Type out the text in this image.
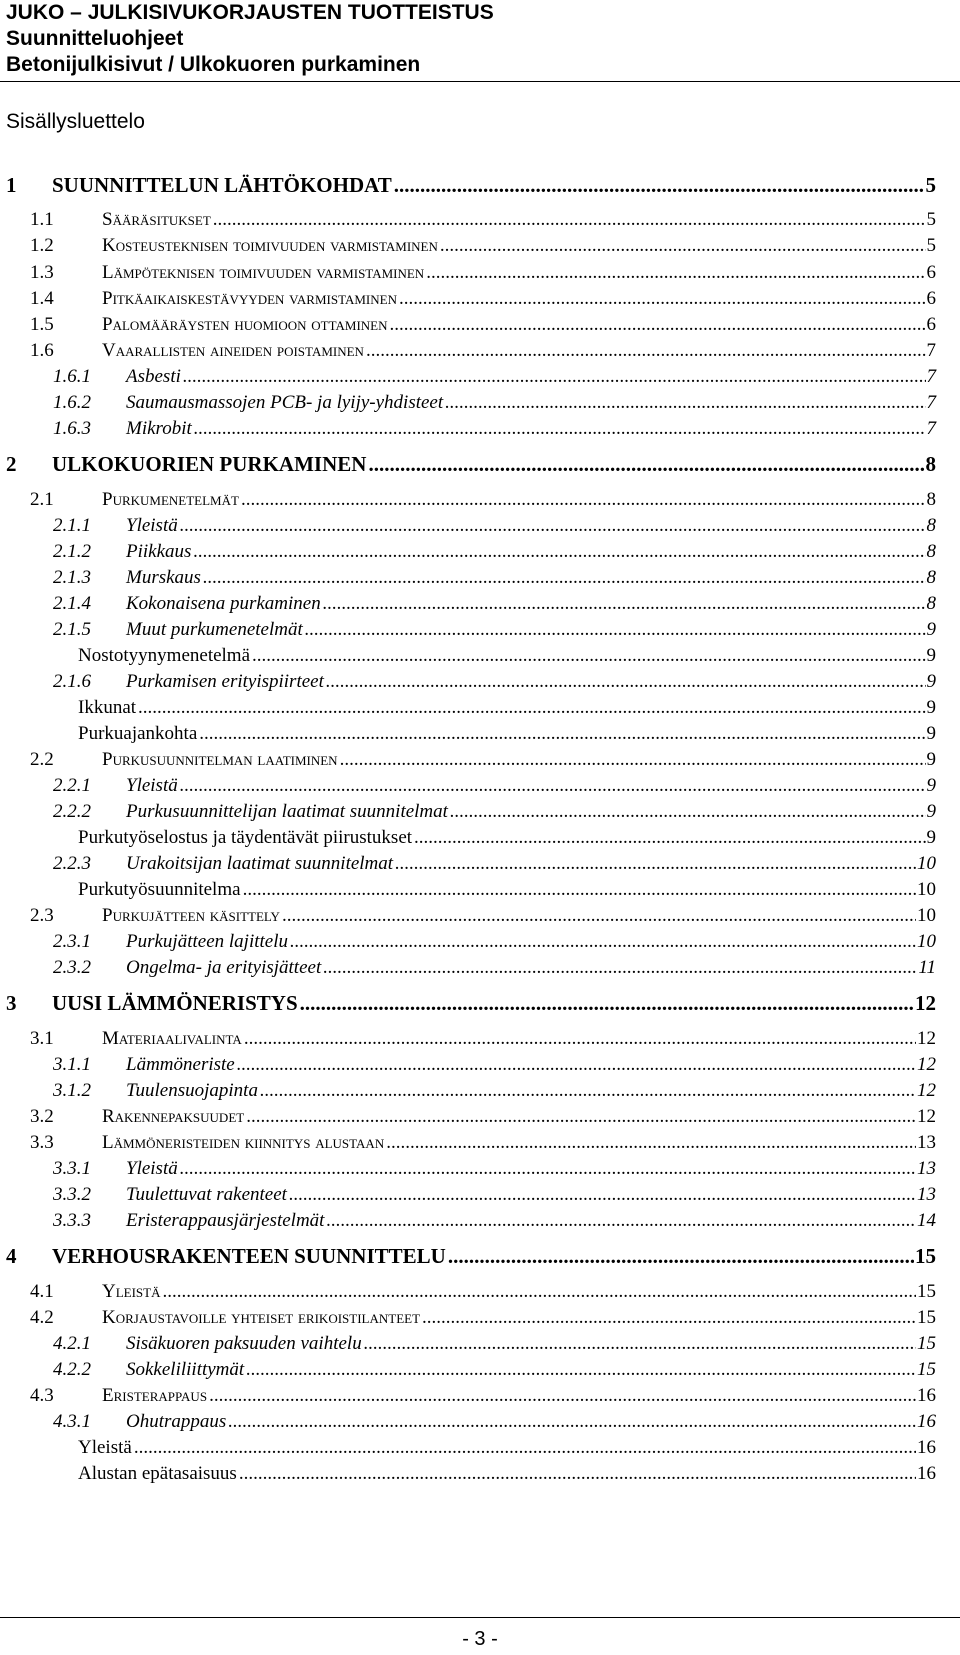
JUKO – JULKISIVUKORJAUSTEN TUOTTEISTUS
Suunnitteluohjeet
Betonijulkisivut / Ulkokuoren purkaminen
Sisällysluettelo
1 SUUNNITTELUN LÄHTÖKOHDAT .....	5
1.1	Sääräsitukset .....	5
1.2	Kosteusteknisen toimivuuden varmistaminen .....	5
1.3	Lämpöteknisen toimivuuden varmistaminen .....	6
1.4	Pitkäaikaiskestävyyden varmistaminen .....	6
1.5	Palomääräysten huomioon ottaminen .....	6
1.6	Vaarallisten aineiden poistaminen .....	7
1.6.1 Asbesti .....	7
1.6.2 Saumausmassojen PCB- ja lyijy-yhdisteet .....	7
1.6.3 Mikrobit .....	7
2 ULKOKUORIEN PURKAMINEN .....	8
2.1	Purkumenetelmät .....	8
2.1.1 Yleistä .....	8
2.1.2 Piikkaus .....	8
2.1.3 Murskaus .....	8
2.1.4 Kokonaisena purkaminen .....	8
2.1.5 Muut purkumenetelmät .....	9
Nostotyynymenetelmä .....	9
2.1.6 Purkamisen erityispiirteet .....	9
Ikkunat .....	9
Purkuajankohta .....	9
2.2	Purkusuunnitelman laatiminen .....	9
2.2.1 Yleistä .....	9
2.2.2 Purkusuunnittelijan laatimat suunnitelmat .....	9
Purkutyöselostus ja täydentävät piirustukset .....	9
2.2.3 Urakoitsijan laatimat suunnitelmat .....	10
Purkutyösuunnitelma .....	10
2.3	Purkujätteen käsittely .....	10
2.3.1 Purkujätteen lajittelu .....	10
2.3.2 Ongelma- ja erityisjätteet .....	11
3 UUSI LÄMMÖNERISTYS .....	12
3.1	Materiaalivalinta .....	12
3.1.1 Lämmöneriste .....	12
3.1.2 Tuulensuojapinta .....	12
3.2	Rakennepaksuudet .....	12
3.3	Lämmöneristeiden kiinnitys alustaan .....	13
3.3.1 Yleistä .....	13
3.3.2 Tuulettuvat rakenteet .....	13
3.3.3 Eristerappausjärjestelmät .....	14
4 VERHOUSRAKENTEEN SUUNNITTELU .....	15
4.1	Yleistä .....	15
4.2	Korjaustavoille yhteiset erikoistilanteet .....	15
4.2.1 Sisäkuoren paksuuden vaihtelu .....	15
4.2.2 Sokkeliliittymät .....	15
4.3	Eristerappaus .....	16
4.3.1 Ohutrappaus .....	16
Yleistä .....	16
Alustan epätasaisuus .....	16
- 3 -
